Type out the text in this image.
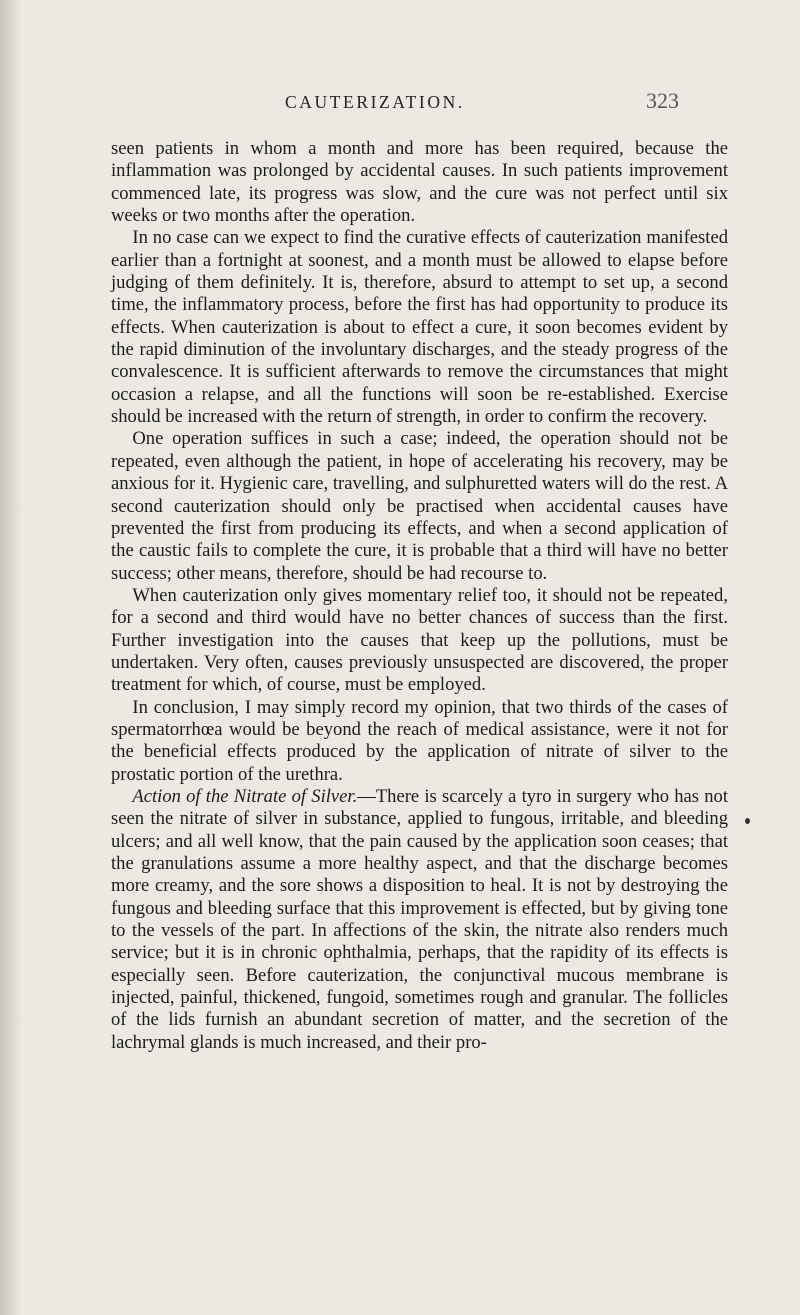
CAUTERIZATION.	323

seen patients in whom a month and more has been required, because the inflammation was prolonged by accidental causes. In such patients improvement commenced late, its progress was slow, and the cure was not perfect until six weeks or two months after the operation.

In no case can we expect to find the curative effects of cauterization manifested earlier than a fortnight at soonest, and a month must be allowed to elapse before judging of them definitely. It is, therefore, absurd to attempt to set up, a second time, the inflammatory process, before the first has had opportunity to produce its effects. When cauterization is about to effect a cure, it soon becomes evident by the rapid diminution of the involuntary discharges, and the steady progress of the convalescence. It is sufficient afterwards to remove the circumstances that might occasion a relapse, and all the functions will soon be re-established. Exercise should be increased with the return of strength, in order to confirm the recovery.

One operation suffices in such a case; indeed, the operation should not be repeated, even although the patient, in hope of accelerating his recovery, may be anxious for it. Hygienic care, travelling, and sulphuretted waters will do the rest. A second cauterization should only be practised when accidental causes have prevented the first from producing its effects, and when a second application of the caustic fails to complete the cure, it is probable that a third will have no better success; other means, therefore, should be had recourse to.

When cauterization only gives momentary relief too, it should not be repeated, for a second and third would have no better chances of success than the first. Further investigation into the causes that keep up the pollutions, must be undertaken. Very often, causes previously unsuspected are discovered, the proper treatment for which, of course, must be employed.

In conclusion, I may simply record my opinion, that two thirds of the cases of spermatorrhœa would be beyond the reach of medical assistance, were it not for the beneficial effects produced by the application of nitrate of silver to the prostatic portion of the urethra.

Action of the Nitrate of Silver.—There is scarcely a tyro in surgery who has not seen the nitrate of silver in substance, applied to fungous, irritable, and bleeding ulcers; and all well know, that the pain caused by the application soon ceases; that the granulations assume a more healthy aspect, and that the discharge becomes more creamy, and the sore shows a disposition to heal. It is not by destroying the fungous and bleeding surface that this improvement is effected, but by giving tone to the vessels of the part. In affections of the skin, the nitrate also renders much service; but it is in chronic ophthalmia, perhaps, that the rapidity of its effects is especially seen. Before cauterization, the conjunctival mucous membrane is injected, painful, thickened, fungoid, sometimes rough and granular. The follicles of the lids furnish an abundant secretion of matter, and the secretion of the lachrymal glands is much increased, and their pro-
